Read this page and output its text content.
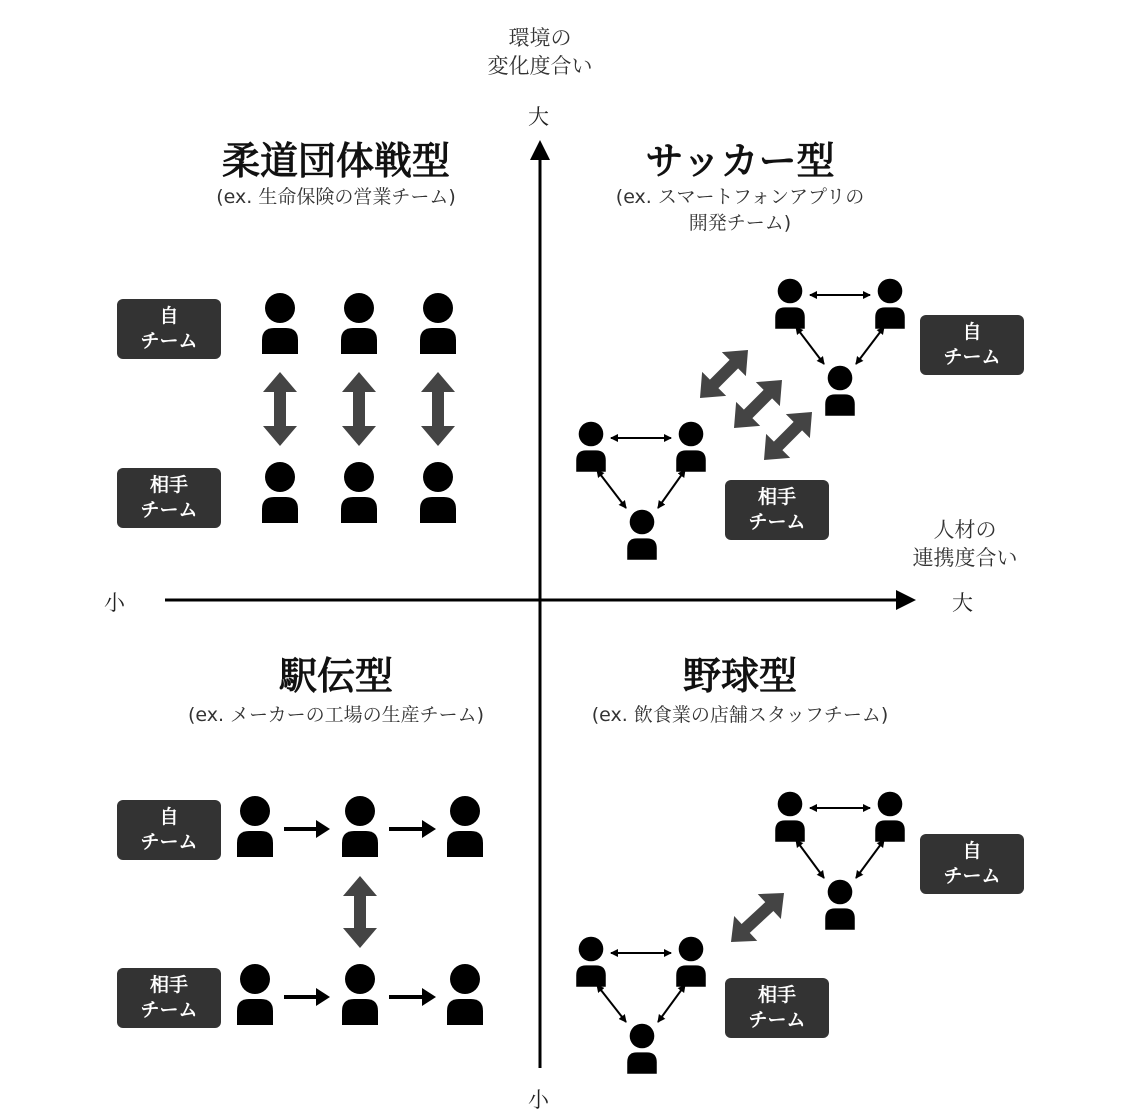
環境の
変化度合い
大
小
人材の
連携度合い
大
小
柔道団体戦型
(ex. 生命保険の営業チーム)
サッカー型
(ex. スマートフォンアプリの
開発チーム)
駅伝型
(ex. メーカーの工場の生産チーム)
野球型
(ex. 飲食業の店舗スタッフチーム)
自
チーム
相手
チーム
自
チーム
相手
チーム
自
チーム
相手
チーム
自
チーム
相手
チーム
